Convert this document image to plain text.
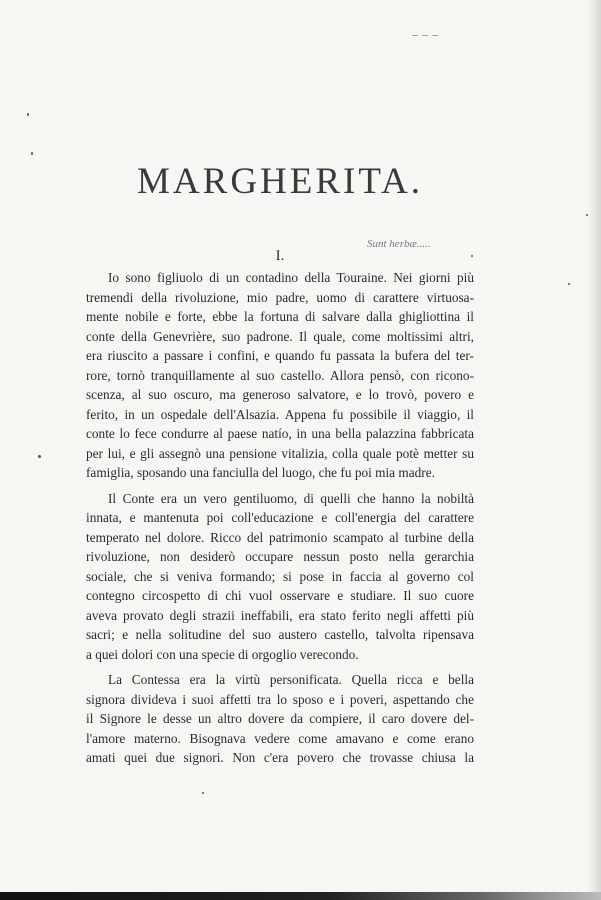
_ _ _
MARGHERITA.
Sunt herbæ.....
I.
Io sono figliuolo di un contadino della Touraine. Nei giorni più
tremendi della rivoluzione, mio padre, uomo di carattere virtuosa-
mente nobile e forte, ebbe la fortuna di salvare dalla ghigliottina il
conte della Genevrière, suo padrone. Il quale, come moltissimi altri,
era riuscito a passare i confini, e quando fu passata la bufera del ter-
rore, tornò tranquillamente al suo castello. Allora pensò, con ricono-
scenza, al suo oscuro, ma generoso salvatore, e lo trovò, povero e
ferito, in un ospedale dell'Alsazia. Appena fu possibile il viaggio, il
conte lo fece condurre al paese natío, in una bella palazzina fabbricata
per lui, e gli assegnò una pensione vitalizia, colla quale potè metter su
famiglia, sposando una fanciulla del luogo, che fu poi mia madre.
Il Conte era un vero gentiluomo, di quelli che hanno la nobiltà
innata, e mantenuta poi coll'educazione e coll'energia del carattere
temperato nel dolore. Ricco del patrimonio scampato al turbine della
rivoluzione, non desiderò occupare nessun posto nella gerarchia
sociale, che si veniva formando; si pose in faccia al governo col
contegno circospetto di chi vuol osservare e studiare. Il suo cuore
aveva provato degli strazii ineffabili, era stato ferito negli affetti più
sacri; e nella solitudine del suo austero castello, talvolta ripensava
a quei dolori con una specie di orgoglio verecondo.
La Contessa era la virtù personificata. Quella ricca e bella
signora divideva i suoi affetti tra lo sposo e i poveri, aspettando che
il Signore le desse un altro dovere da compiere, il caro dovere del-
l'amore materno. Bisognava vedere come amavano e come erano
amati quei due signori. Non c'era povero che trovasse chiusa la
